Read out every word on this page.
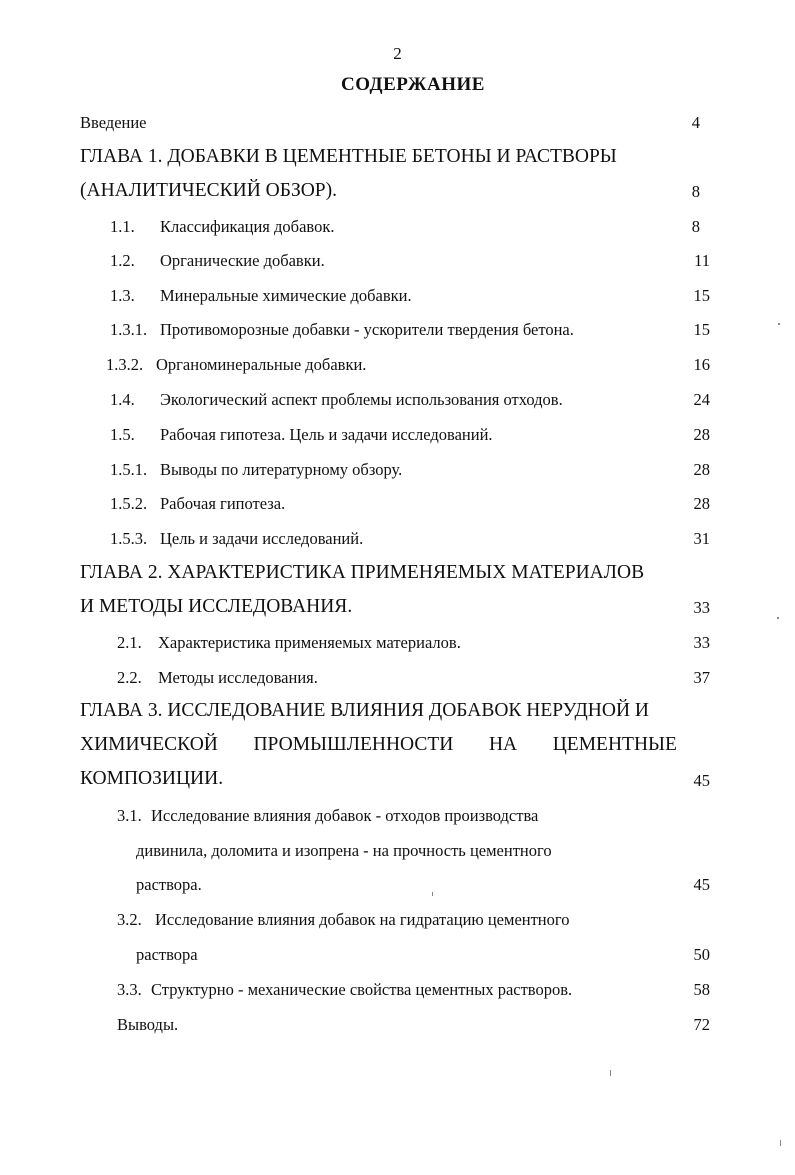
2
СОДЕРЖАНИЕ
Введение	4
ГЛАВА 1. ДОБАВКИ В ЦЕМЕНТНЫЕ БЕТОНЫ И РАСТВОРЫ
(АНАЛИТИЧЕСКИЙ ОБЗОР).	8
1.1. Классификация добавок.	8
1.2. Органические добавки.	11
1.3. Минеральные химические добавки.	15
1.3.1. Противоморозные добавки - ускорители твердения бетона.	15
1.3.2. Органоминеральные добавки.	16
1.4. Экологический аспект проблемы использования отходов.	24
1.5. Рабочая гипотеза. Цель и задачи исследований.	28
1.5.1. Выводы по литературному обзору.	28
1.5.2. Рабочая гипотеза.	28
1.5.3. Цель и задачи исследований.	31
ГЛАВА 2. ХАРАКТЕРИСТИКА ПРИМЕНЯЕМЫХ МАТЕРИАЛОВ
И МЕТОДЫ ИССЛЕДОВАНИЯ.	33
2.1. Характеристика применяемых материалов.	33
2.2. Методы исследования.	37
ГЛАВА 3. ИССЛЕДОВАНИЕ ВЛИЯНИЯ ДОБАВОК НЕРУДНОЙ И
ХИМИЧЕСКОЙ ПРОМЫШЛЕННОСТИ НА ЦЕМЕНТНЫЕ
КОМПОЗИЦИИ.	45
3.1. Исследование влияния добавок - отходов производства
дивинила, доломита и изопрена - на прочность цементного
раствора.	45
3.2. Исследование влияния добавок на гидратацию цементного
раствора	50
3.3. Структурно - механические свойства цементных растворов.	58
Выводы.	72
